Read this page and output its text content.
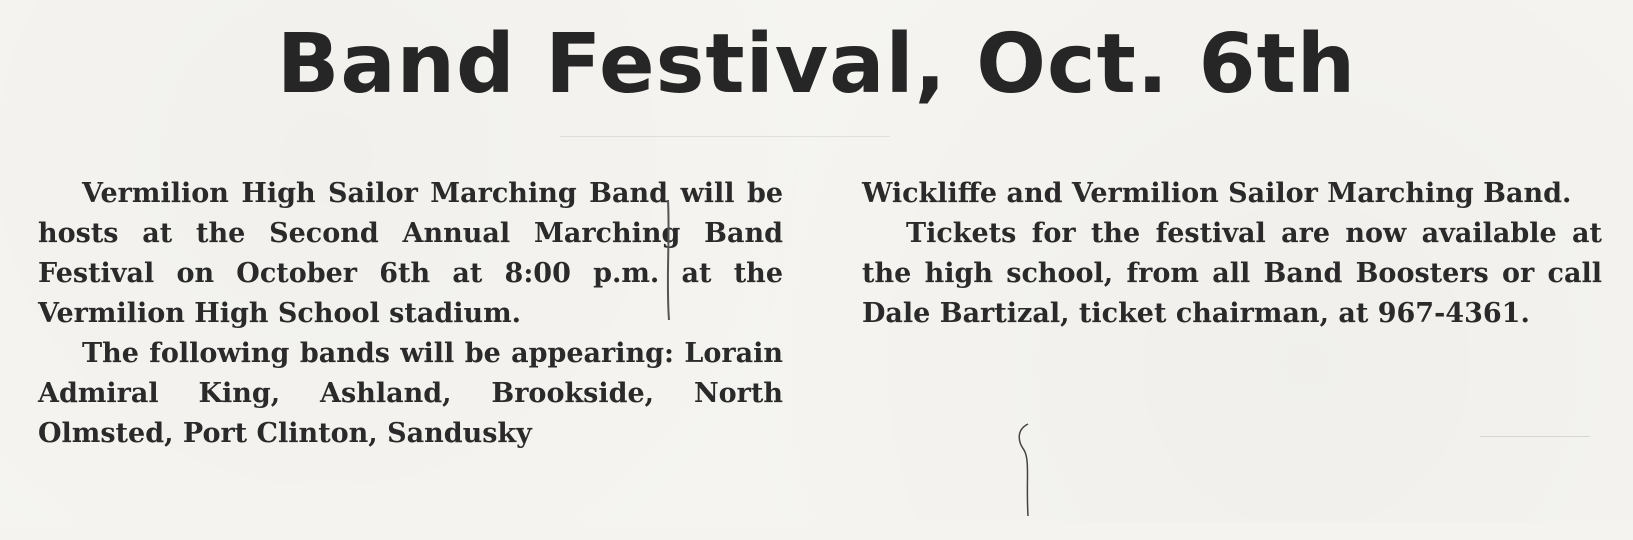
Band Festival, Oct. 6th

Vermilion High Sailor Marching Band will be hosts at the Second Annual Marching Band Festival on October 6th at 8:00 p.m. at the Vermilion High School stadium.

The following bands will be appearing: Lorain Admiral King, Ashland, Brookside, North Olmsted, Port Clinton, Sandusky

Wickliffe and Vermilion Sailor Marching Band.

Tickets for the festival are now available at the high school, from all Band Boosters or call Dale Bartizal, ticket chairman, at 967-4361.
